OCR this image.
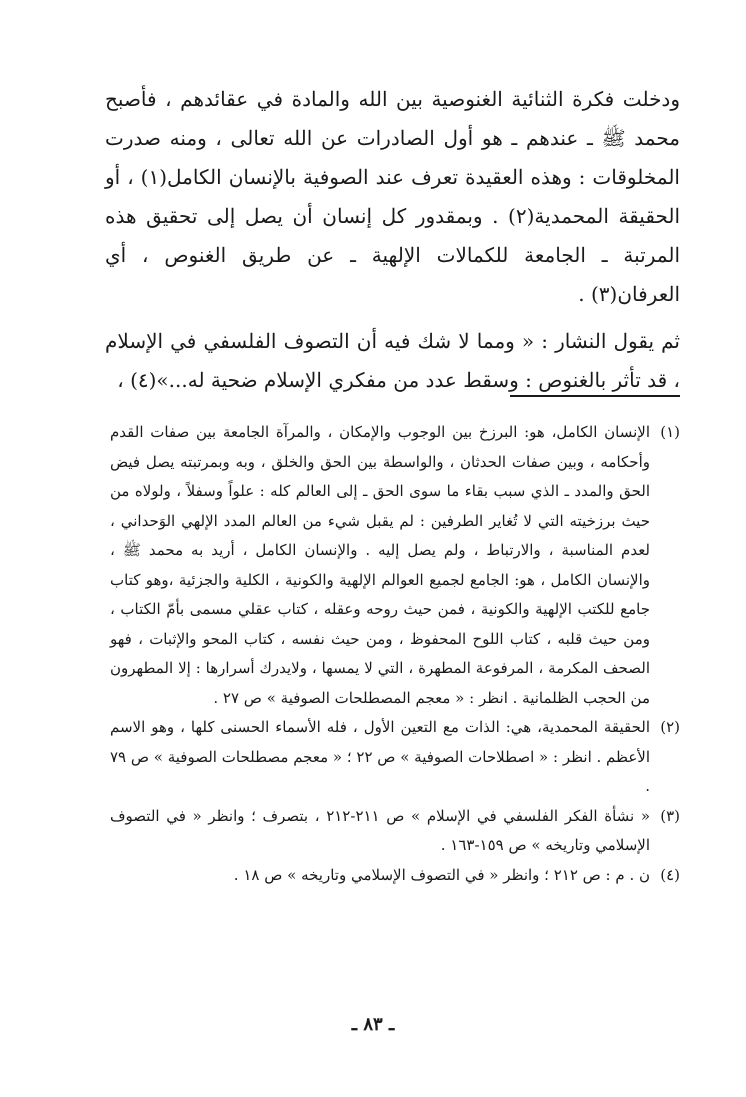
ودخلت فكرة الثنائية الغنوصية بين الله والمادة في عقائدهم ، فأصبح محمد ﷺ ـ عندهم ـ هو أول الصادرات عن الله تعالى ، ومنه صدرت المخلوقات : وهذه العقيدة تعرف عند الصوفية بالإنسان الكامل(١) ، أو الحقيقة المحمدية(٢) . وبمقدور كل إنسان أن يصل إلى تحقيق هذه المرتبة ـ الجامعة للكمالات الإلهية ـ عن طريق الغنوص ، أي العرفان(٣) .

ثم يقول النشار : « ومما لا شك فيه أن التصوف الفلسفي في الإسلام ، قد تأثر بالغنوص : وسقط عدد من مفكري الإسلام ضحية له...»(٤) ،

(١)
الإنسان الكامل، هو: البرزخ بين الوجوب والإمكان ، والمرآة الجامعة بين صفات القدم وأحكامه ، وبين صفات الحدثان ، والواسطة بين الحق والخلق ، وبه وبمرتبته يصل فيض الحق والمدد ـ الذي سبب بقاء ما سوى الحق ـ إلى العالم كله : علواً وسفلاً ، ولولاه من حيث برزخيته التي لا تُغاير الطرفين : لم يقبل شيء من العالم المدد الإلهي الوَحداني ، لعدم المناسبة ، والارتباط ، ولم يصل إليه . والإنسان الكامل ، أريد به محمد ﷺ ، والإنسان الكامل ، هو: الجامع لجميع العوالم الإلهية والكونية ، الكلية والجزئية ،وهو كتاب جامع للكتب الإلهية والكونية ، فمن حيث روحه وعقله ، كتاب عقلي مسمى بأمّ الكتاب ، ومن حيث قلبه ، كتاب اللوح المحفوظ ، ومن حيث نفسه ، كتاب المحو والإثبات ، فهو الصحف المكرمة ، المرفوعة المطهرة ، التي لا يمسها ، ولايدرك أسرارها : إلا المطهرون من الحجب الظلمانية . انظر : « معجم المصطلحات الصوفية » ص ٢٧ .
(٢)
الحقيقة المحمدية، هي: الذات مع التعين الأول ، فله الأسماء الحسنى كلها ، وهو الاسم الأعظم . انظر : « اصطلاحات الصوفية » ص ٢٢ ؛ « معجم مصطلحات الصوفية » ص ٧٩ .
(٣)
« نشأة الفكر الفلسفي في الإسلام » ص ٢١١-٢١٢ ، بتصرف ؛ وانظر « في التصوف الإسلامي وتاريخه » ص ١٥٩-١٦٣ .
(٤)
ن . م : ص ٢١٢ ؛ وانظر « في التصوف الإسلامي وتاريخه » ص ١٨ .
ـ ٨٣ ـ
